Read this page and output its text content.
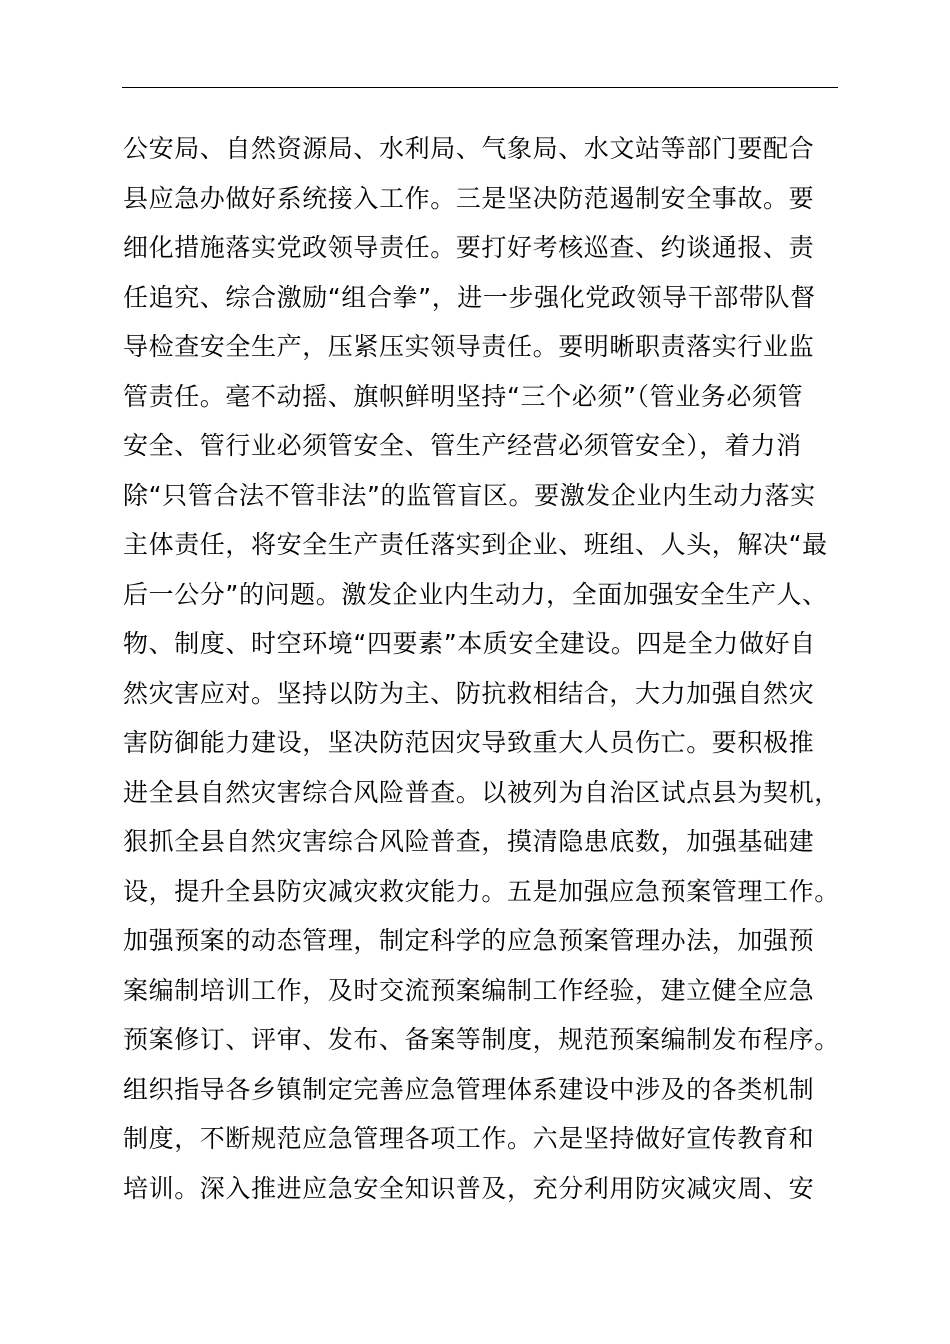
公安局、自然资源局、水利局、气象局、水文站等部门要配合
县应急办做好系统接入工作。三是坚决防范遏制安全事故。要
细化措施落实党政领导责任。要打好考核巡查、约谈通报、责
任追究、综合激励“组合拳”，进一步强化党政领导干部带队督
导检查安全生产，压紧压实领导责任。要明晰职责落实行业监
管责任。毫不动摇、旗帜鲜明坚持“三个必须”（管业务必须管
安全、管行业必须管安全、管生产经营必须管安全），着力消
除“只管合法不管非法”的监管盲区。要激发企业内生动力落实
主体责任，将安全生产责任落实到企业、班组、人头，解决“最
后一公分”的问题。激发企业内生动力，全面加强安全生产人、
物、制度、时空环境“四要素”本质安全建设。四是全力做好自
然灾害应对。坚持以防为主、防抗救相结合，大力加强自然灾
害防御能力建设，坚决防范因灾导致重大人员伤亡。要积极推
进全县自然灾害综合风险普查。以被列为自治区试点县为契机，
狠抓全县自然灾害综合风险普查，摸清隐患底数，加强基础建
设，提升全县防灾减灾救灾能力。五是加强应急预案管理工作。
加强预案的动态管理，制定科学的应急预案管理办法，加强预
案编制培训工作，及时交流预案编制工作经验，建立健全应急
预案修订、评审、发布、备案等制度，规范预案编制发布程序。
组织指导各乡镇制定完善应急管理体系建设中涉及的各类机制
制度，不断规范应急管理各项工作。六是坚持做好宣传教育和
培训。深入推进应急安全知识普及，充分利用防灾减灾周、安
